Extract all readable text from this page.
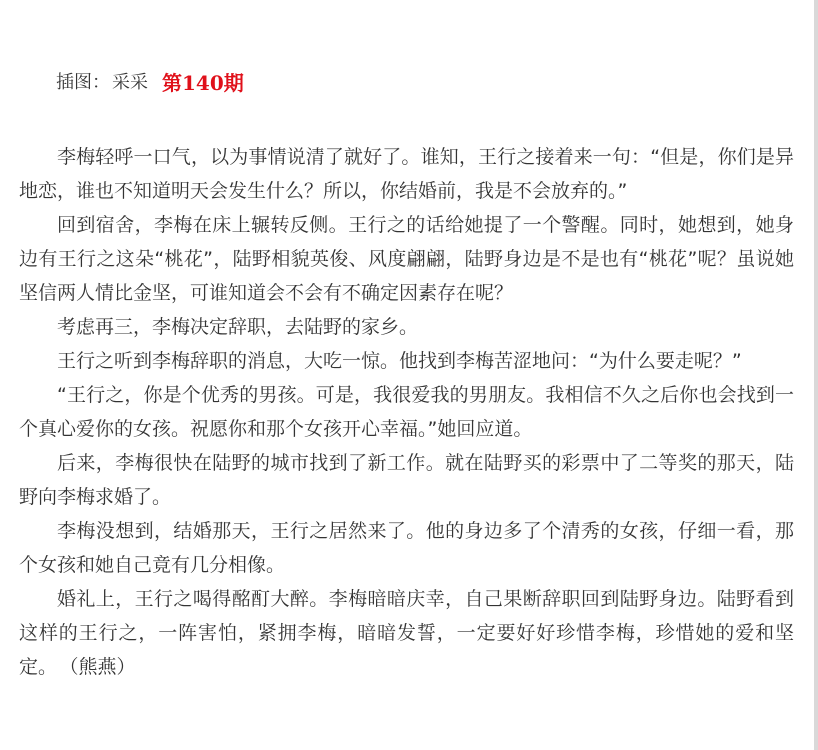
插图： 采采 第140期

李梅轻呼一口气，以为事情说清了就好了。谁知，王行之接着来一句：“但是，你们是异地恋，谁也不知道明天会发生什么？所以，你结婚前，我是不会放弃的。”

回到宿舍，李梅在床上辗转反侧。王行之的话给她提了一个警醒。同时，她想到，她身边有王行之这朵“桃花”，陆野相貌英俊、风度翩翩，陆野身边是不是也有“桃花”呢？虽说她坚信两人情比金坚，可谁知道会不会有不确定因素存在呢？

考虑再三，李梅决定辞职，去陆野的家乡。

王行之听到李梅辞职的消息，大吃一惊。他找到李梅苦涩地问：“为什么要走呢？”

“王行之，你是个优秀的男孩。可是，我很爱我的男朋友。我相信不久之后你也会找到一个真心爱你的女孩。祝愿你和那个女孩开心幸福。”她回应道。

后来，李梅很快在陆野的城市找到了新工作。就在陆野买的彩票中了二等奖的那天，陆野向李梅求婚了。

李梅没想到，结婚那天，王行之居然来了。他的身边多了个清秀的女孩，仔细一看，那个女孩和她自己竟有几分相像。

婚礼上，王行之喝得酩酊大醉。李梅暗暗庆幸，自己果断辞职回到陆野身边。陆野看到这样的王行之，一阵害怕，紧拥李梅，暗暗发誓，一定要好好珍惜李梅，珍惜她的爱和坚定。 （熊燕）
